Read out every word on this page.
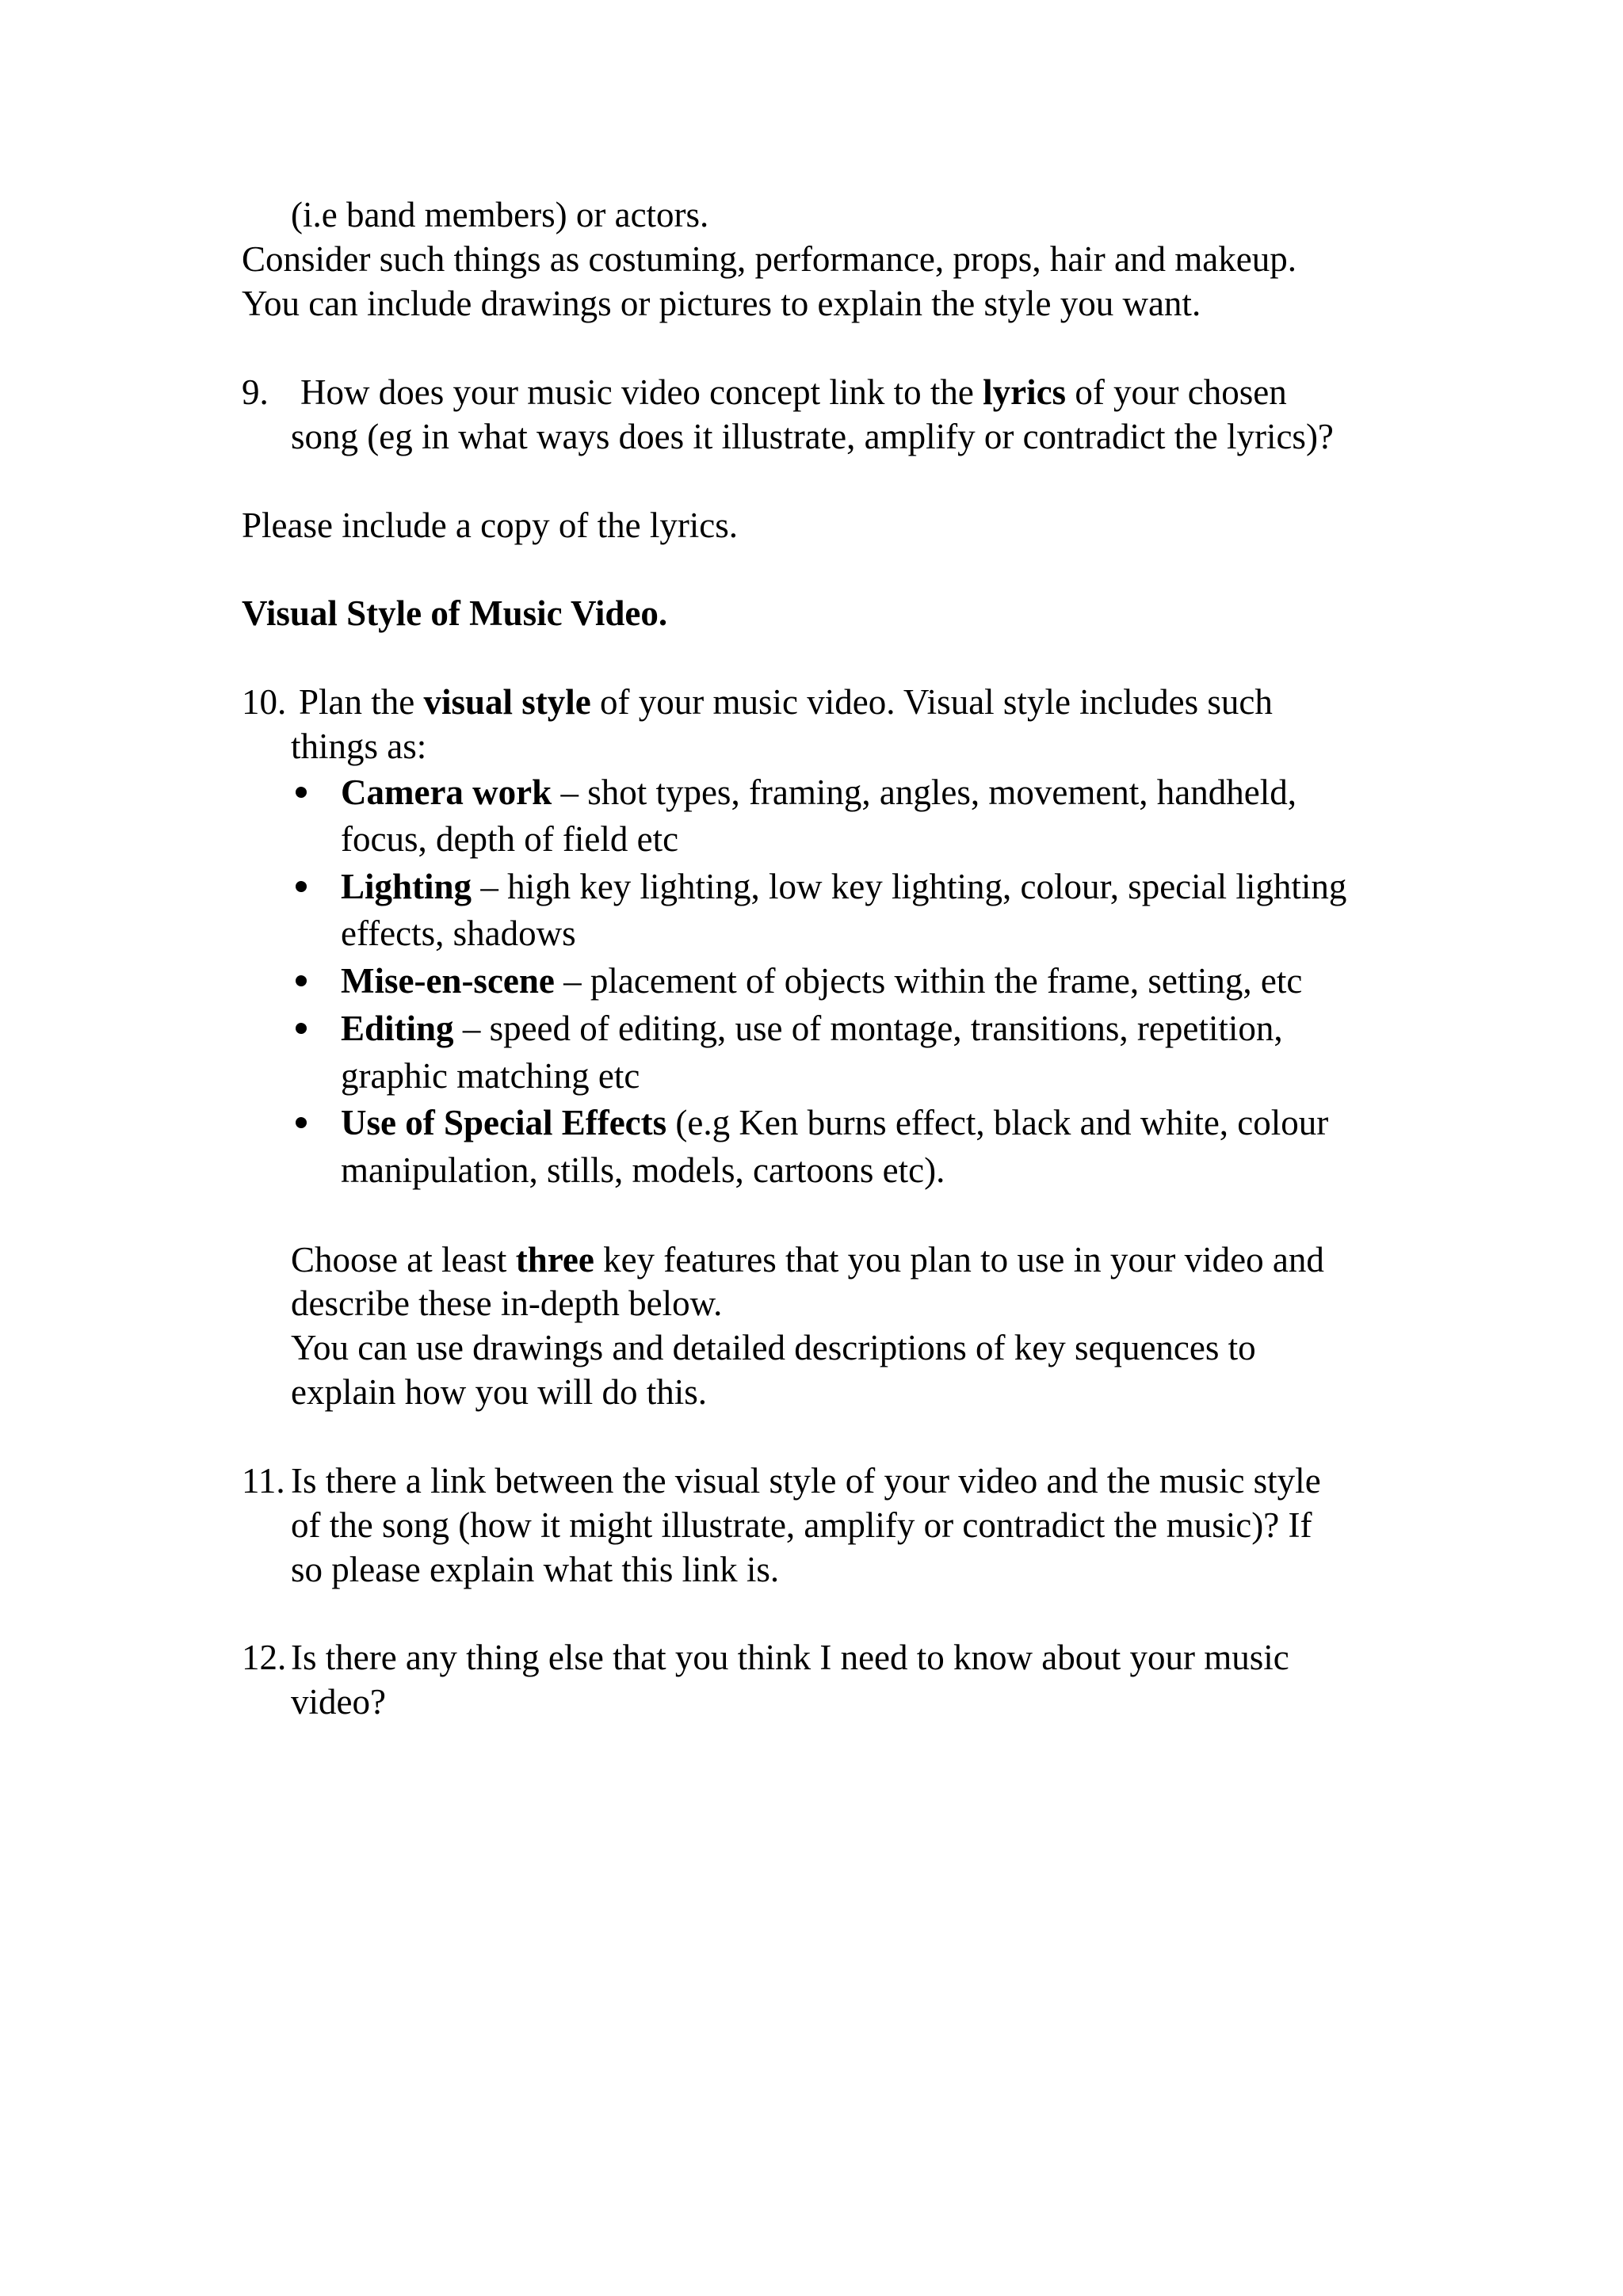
(i.e band members) or actors.
Consider such things as costuming, performance, props, hair and makeup.
You can include drawings or pictures to explain the style you want.
9. How does your music video concept link to the lyrics of your chosen
song (eg in what ways does it illustrate, amplify or contradict the lyrics)?
Please include a copy of the lyrics.
Visual Style of Music Video.
10. Plan the visual style of your music video. Visual style includes such
things as:
Camera work – shot types, framing, angles, movement, handheld,
focus, depth of field etc
Lighting – high key lighting, low key lighting, colour, special lighting
effects, shadows
Mise-en-scene – placement of objects within the frame, setting, etc
Editing – speed of editing, use of montage, transitions, repetition,
graphic matching etc
Use of Special Effects (e.g Ken burns effect, black and white, colour
manipulation, stills, models, cartoons etc).
Choose at least three key features that you plan to use in your video and
describe these in-depth below.
You can use drawings and detailed descriptions of key sequences to
explain how you will do this.
11. Is there a link between the visual style of your video and the music style
of the song (how it might illustrate, amplify or contradict the music)? If
so please explain what this link is.
12. Is there any thing else that you think I need to know about your music
video?
